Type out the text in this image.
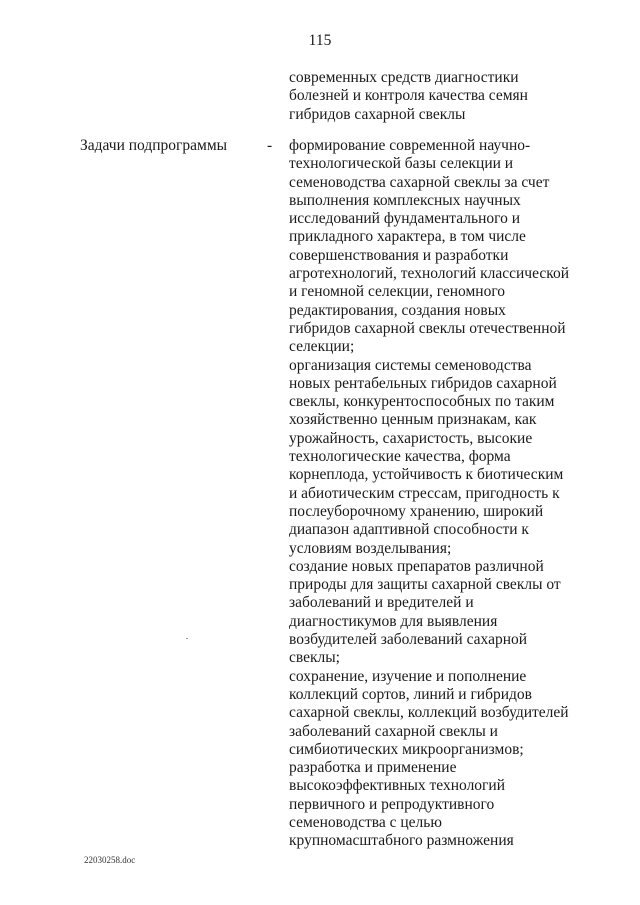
115
современных средств диагностики
болезней и контроля качества семян
гибридов сахарной свеклы
Задачи подпрограммы	- формирование современной научно-
технологической базы селекции и
семеноводства сахарной свеклы за счет
выполнения комплексных научных
исследований фундаментального и
прикладного характера, в том числе
совершенствования и разработки
агротехнологий, технологий классической
и геномной селекции, геномного
редактирования, создания новых
гибридов сахарной свеклы отечественной
селекции;
организация системы семеноводства
новых рентабельных гибридов сахарной
свеклы, конкурентоспособных по таким
хозяйственно ценным признакам, как
урожайность, сахаристость, высокие
технологические качества, форма
корнеплода, устойчивость к биотическим
и абиотическим стрессам, пригодность к
послеуборочному хранению, широкий
диапазон адаптивной способности к
условиям возделывания;
создание новых препаратов различной
природы для защиты сахарной свеклы от
заболеваний и вредителей и
диагностикумов для выявления
возбудителей заболеваний сахарной
свеклы;
сохранение, изучение и пополнение
коллекций сортов, линий и гибридов
сахарной свеклы, коллекций возбудителей
заболеваний сахарной свеклы и
симбиотических микроорганизмов;
разработка и применение
высокоэффективных технологий
первичного и репродуктивного
семеноводства с целью
крупномасштабного размножения
22030258.doc
